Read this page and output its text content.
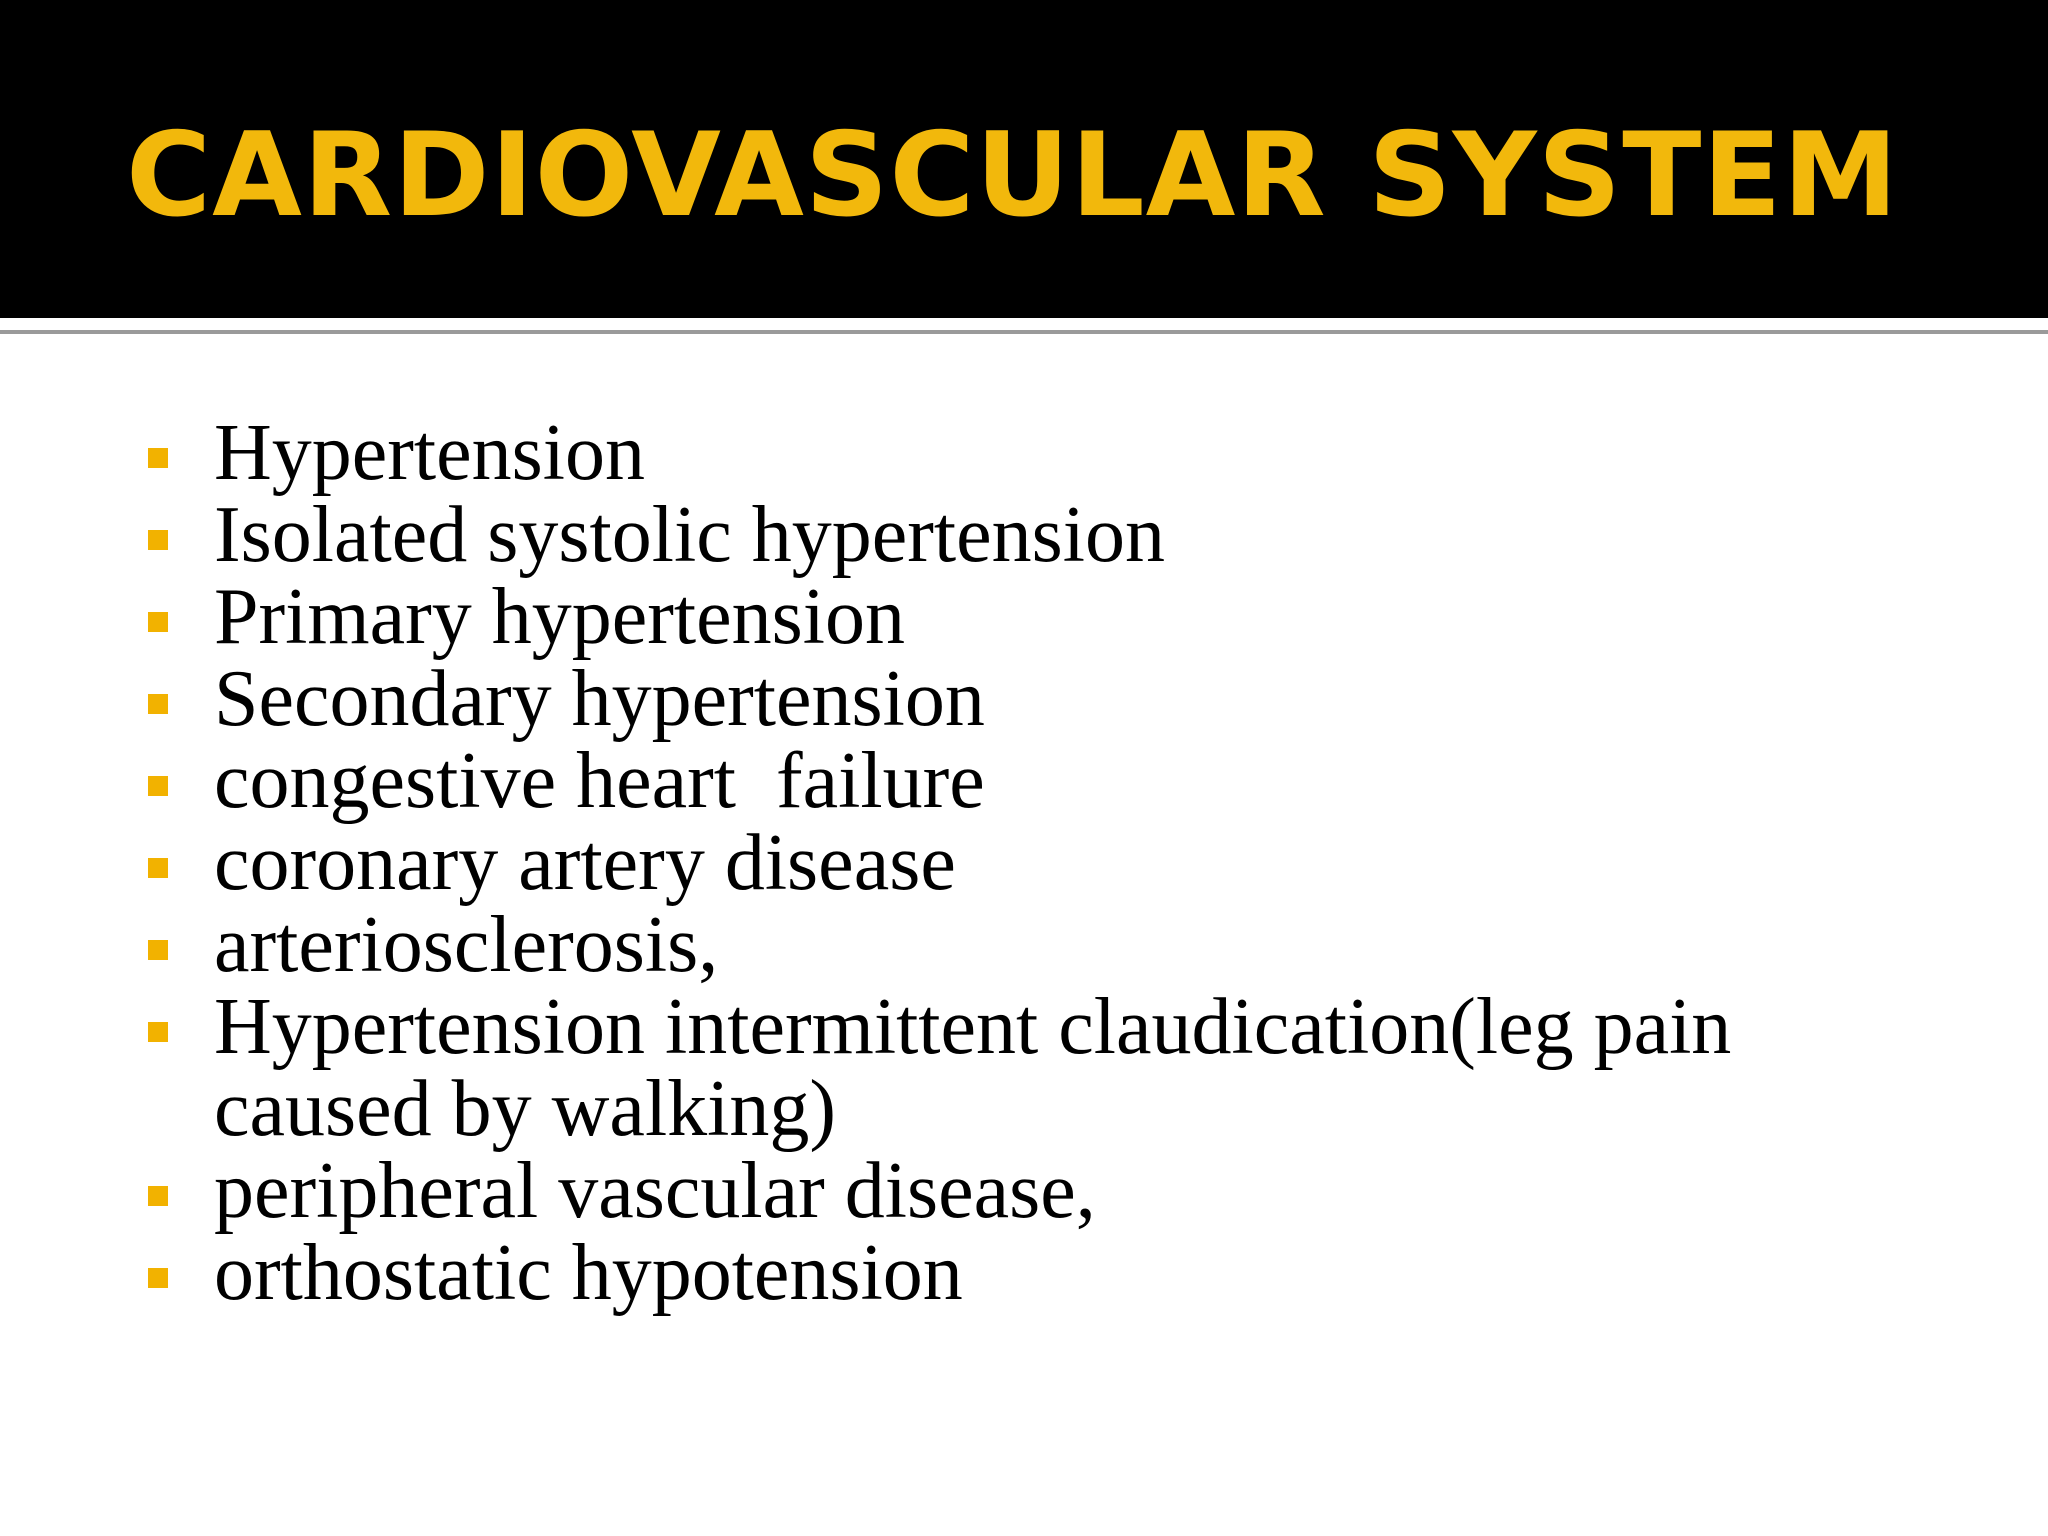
CARDIOVASCULAR SYSTEM
Hypertension
Isolated systolic hypertension
Primary hypertension
Secondary hypertension
congestive heart  failure
coronary artery disease
arteriosclerosis,
Hypertension intermittent claudication(leg pain caused by walking)
peripheral vascular disease,
orthostatic hypotension
